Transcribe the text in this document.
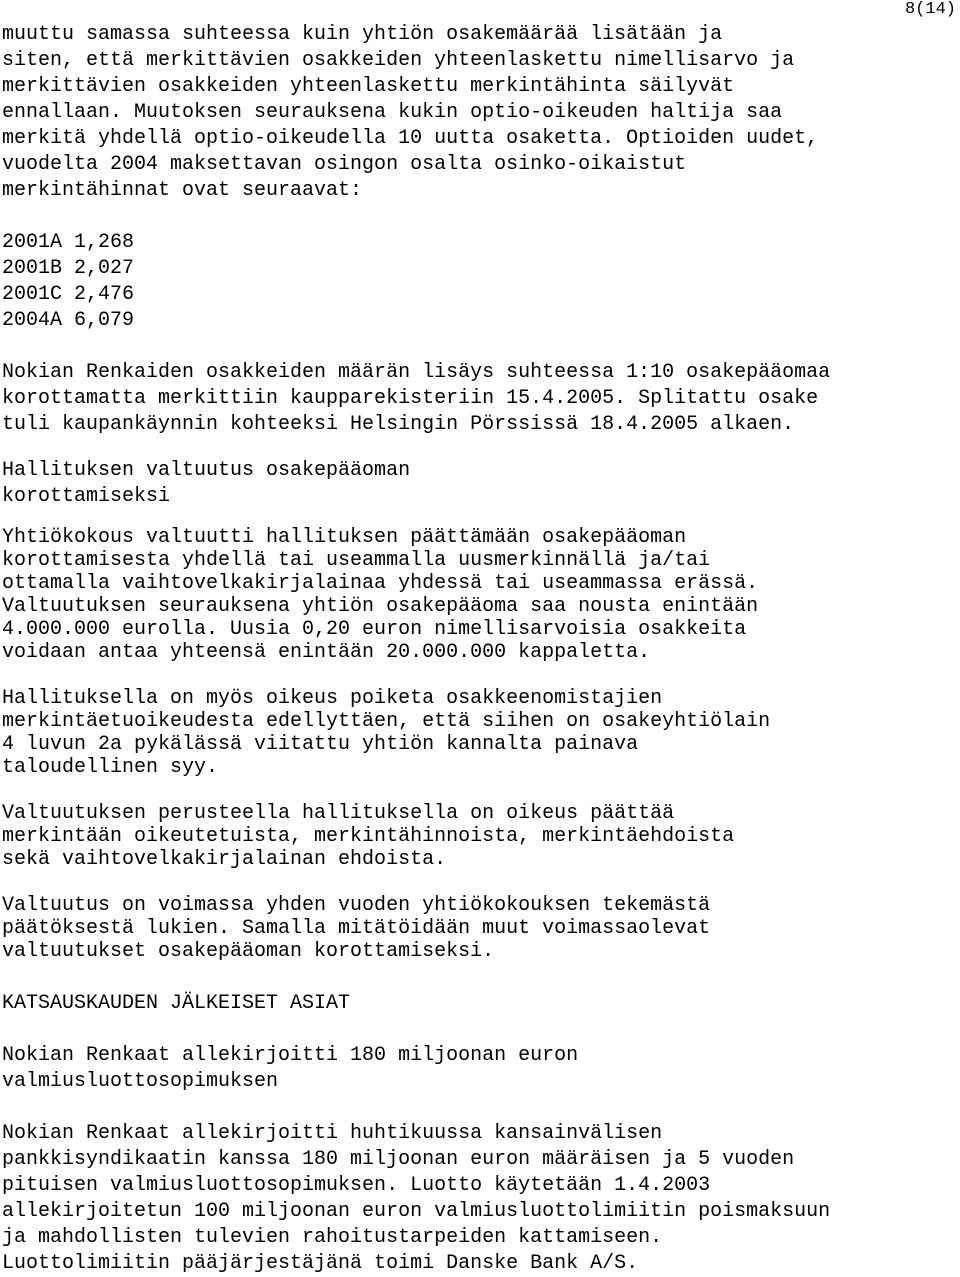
8(14)
muuttu samassa suhteessa kuin yhtiön osakemäärää lisätään ja
siten, että merkittävien osakkeiden yhteenlaskettu nimellisarvo ja
merkittävien osakkeiden yhteenlaskettu merkintähinta säilyvät
ennallaan. Muutoksen seurauksena kukin optio-oikeuden haltija saa
merkitä yhdellä optio-oikeudella 10 uutta osaketta. Optioiden uudet,
vuodelta 2004 maksettavan osingon osalta osinko-oikaistut
merkintähinnat ovat seuraavat:
2001A 1,268
2001B 2,027
2001C 2,476
2004A 6,079
Nokian Renkaiden osakkeiden määrän lisäys suhteessa 1:10 osakepääomaa
korottamatta merkittiin kaupparekisteriin 15.4.2005. Splitattu osake
tuli kaupankäynnin kohteeksi Helsingin Pörssissä 18.4.2005 alkaen.
Hallituksen valtuutus osakepääoman
korottamiseksi
Yhtiökokous valtuutti hallituksen päättämään osakepääoman
korottamisesta yhdellä tai useammalla uusmerkinnällä ja/tai
ottamalla vaihtovelkakirjalainaa yhdessä tai useammassa erässä.
Valtuutuksen seurauksena yhtiön osakepääoma saa nousta enintään
4.000.000 eurolla. Uusia 0,20 euron nimellisarvoisia osakkeita
voidaan antaa yhteensä enintään 20.000.000 kappaletta.
Hallituksella on myös oikeus poiketa osakkeenomistajien
merkintäetuoikeudesta edellyttäen, että siihen on osakeyhtiölain
4 luvun 2a pykälässä viitattu yhtiön kannalta painava
taloudellinen syy.
Valtuutuksen perusteella hallituksella on oikeus päättää
merkintään oikeutetuista, merkintähinnoista, merkintäehdoista
sekä vaihtovelkakirjalainan ehdoista.
Valtuutus on voimassa yhden vuoden yhtiökokouksen tekemästä
päätöksestä lukien. Samalla mitätöidään muut voimassaolevat
valtuutukset osakepääoman korottamiseksi.
KATSAUSKAUDEN JÄLKEISET ASIAT
Nokian Renkaat allekirjoitti 180 miljoonan euron
valmiusluottosopimuksen
Nokian Renkaat allekirjoitti huhtikuussa kansainvälisen
pankkisyndikaatin kanssa 180 miljoonan euron määräisen ja 5 vuoden
pituisen valmiusluottosopimuksen. Luotto käytetään 1.4.2003
allekirjoitetun 100 miljoonan euron valmiusluottolimiitin poismaksuun
ja mahdollisten tulevien rahoitustarpeiden kattamiseen.
Luottolimiitin pääjärjestäjänä toimi Danske Bank A/S.
